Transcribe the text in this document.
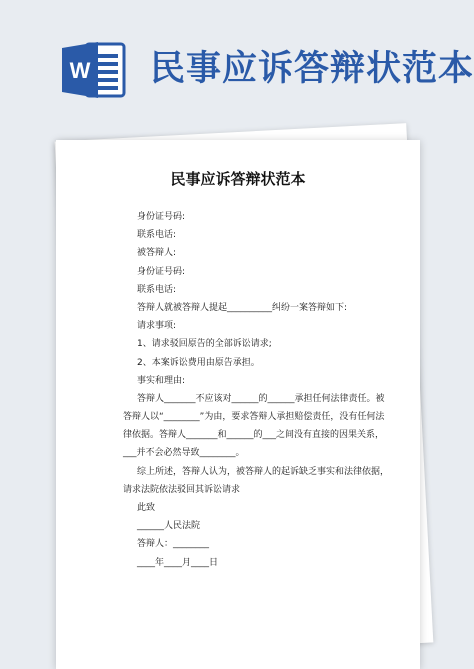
W 民事应诉答辩状范本
民事应诉答辩状范本
身份证号码:
联系电话:
被答辩人:
身份证号码:
联系电话:
答辩人就被答辩人提起__________纠纷一案答辩如下:
请求事项:
1、请求驳回原告的全部诉讼请求;
2、本案诉讼费用由原告承担。
事实和理由:
答辩人_______不应该对______的______承担任何法律责任。被
答辩人以“________”为由，要求答辩人承担赔偿责任，没有任何法
律依据。答辩人_______和______的___之间没有直接的因果关系，
___并不会必然导致________。
综上所述，答辩人认为，被答辩人的起诉缺乏事实和法律依据，
请求法院依法驳回其诉讼请求
此致
______人民法院
答辩人：________
____年____月____日
